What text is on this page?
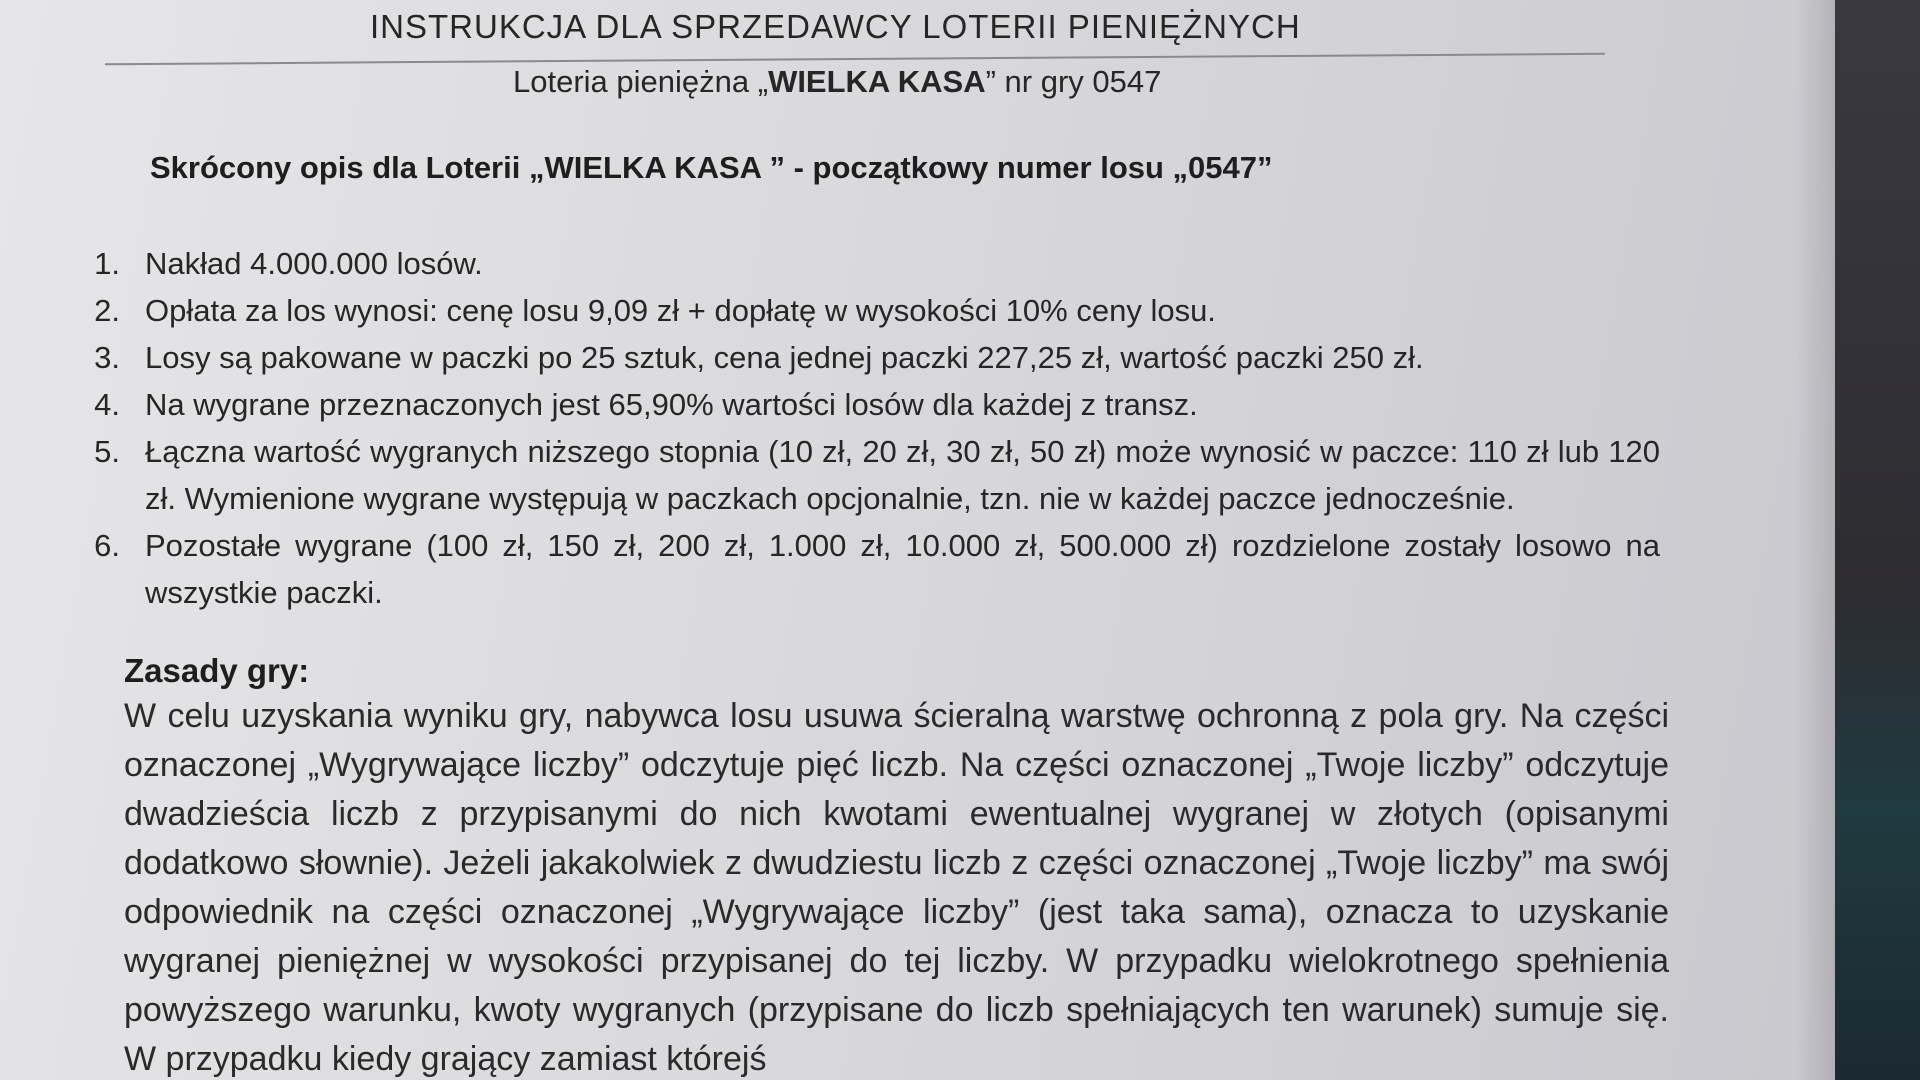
INSTRUKCJA DLA SPRZEDAWCY LOTERII PIENIĘŻNYCH
Loteria pieniężna „WIELKA KASA” nr gry 0547
Skrócony opis dla Loterii „WIELKA KASA ” - początkowy numer losu „0547”
1. Nakład 4.000.000 losów.
2. Opłata za los wynosi: cenę losu 9,09 zł + dopłatę w wysokości 10% ceny losu.
3. Losy są pakowane w paczki po 25 sztuk, cena jednej paczki 227,25 zł, wartość paczki 250 zł.
4. Na wygrane przeznaczonych jest 65,90% wartości losów dla każdej z transz.
5. Łączna wartość wygranych niższego stopnia (10 zł, 20 zł, 30 zł, 50 zł) może wynosić w paczce: 110 zł lub 120 zł. Wymienione wygrane występują w paczkach opcjonalnie, tzn. nie w każdej paczce jednocześnie.
6. Pozostałe wygrane (100 zł, 150 zł, 200 zł, 1.000 zł, 10.000 zł, 500.000 zł) rozdzielone zostały losowo na wszystkie paczki.
Zasady gry:

W celu uzyskania wyniku gry, nabywca losu usuwa ścieralną warstwę ochronną z pola gry. Na części oznaczonej „Wygrywające liczby” odczytuje pięć liczb. Na części oznaczonej „Twoje liczby” odczytuje dwadzieścia liczb z przypisanymi do nich kwotami ewentualnej wygranej w złotych (opisanymi dodatkowo słownie). Jeżeli jakakolwiek z dwudziestu liczb z części oznaczonej „Twoje liczby” ma swój odpowiednik na części oznaczonej „Wygrywające liczby” (jest taka sama), oznacza to uzyskanie wygranej pieniężnej w wysokości przypisanej do tej liczby. W przypadku wielokrotnego spełnienia powyższego warunku, kwoty wygranych (przypisane do liczb spełniających ten warunek) sumuje się. W przypadku kiedy grający zamiast którejś
